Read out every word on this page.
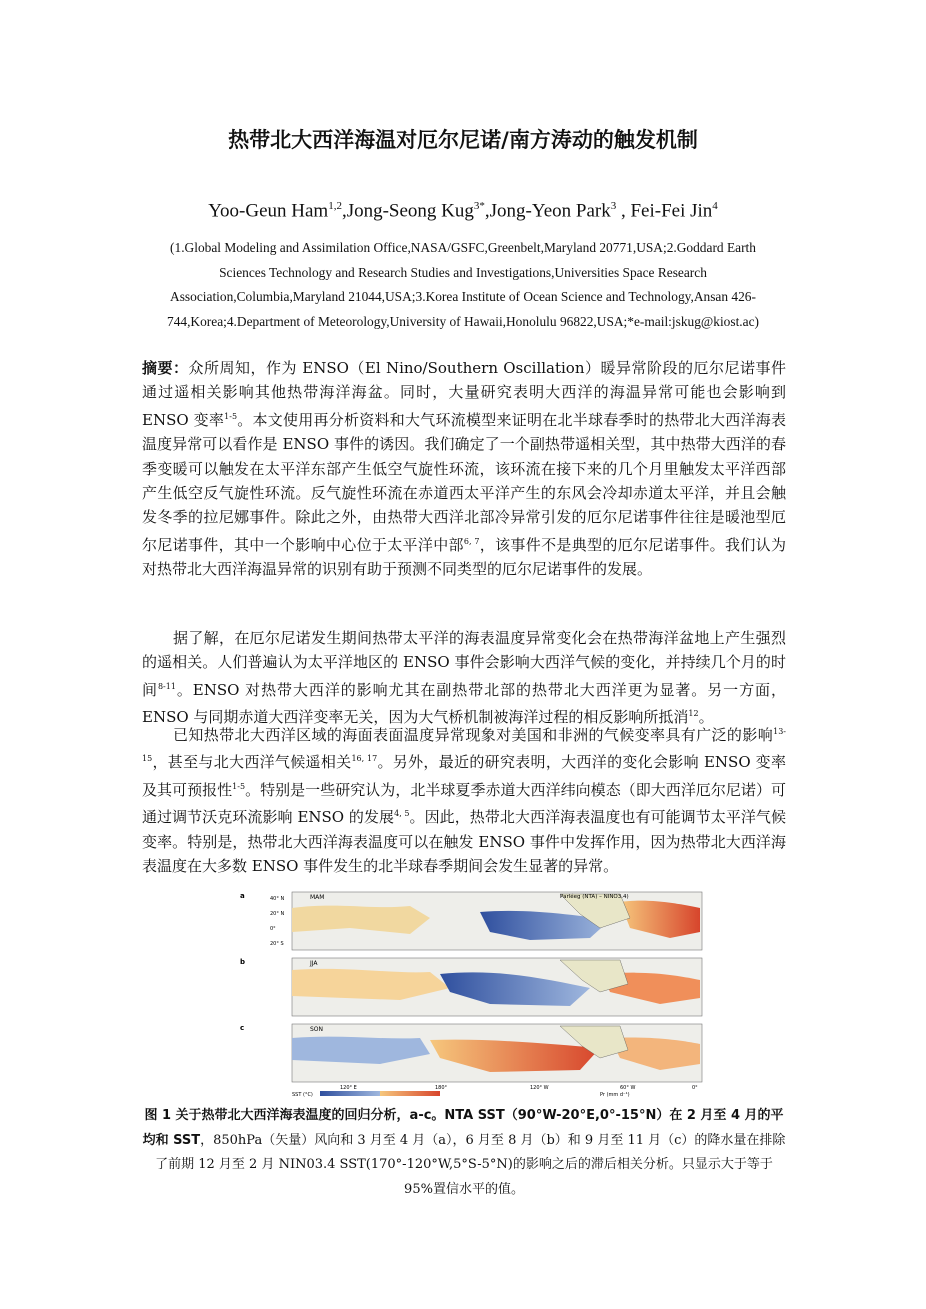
热带北大西洋海温对厄尔尼诺/南方涛动的触发机制
Yoo-Geun Ham$^{1,2}$,Jong-Seong Kug$^{3*}$,Jong-Yeon Park$^3$ , Fei-Fei Jin$^4$
(1.Global Modeling and Assimilation Office,NASA/GSFC,Greenbelt,Maryland 20771,USA;2.Goddard Earth Sciences Technology and Research Studies and Investigations,Universities Space Research Association,Columbia,Maryland 21044,USA;3.Korea Institute of Ocean Science and Technology,Ansan 426-744,Korea;4.Department of Meteorology,University of Hawaii,Honolulu 96822,USA;*e-mail:jskug@kiost.ac)
摘要：众所周知，作为 ENSO（El Nino/Southern Oscillation）暖异常阶段的厄尔尼诺事件通过遥相关影响其他热带海洋海盆。同时，大量研究表明大西洋的海温异常可能也会影响到 ENSO 变率$^{1-5}$。本文使用再分析资料和大气环流模型来证明在北半球春季时的热带北大西洋海表温度异常可以看作是 ENSO 事件的诱因。我们确定了一个副热带遥相关型，其中热带大西洋的春季变暖可以触发在太平洋东部产生低空气旋性环流，该环流在接下来的几个月里触发太平洋西部产生低空反气旋性环流。反气旋性环流在赤道西太平洋产生的东风会冷却赤道太平洋，并且会触发冬季的拉尼娜事件。除此之外，由热带大西洋北部冷异常引发的厄尔尼诺事件往往是暖池型厄尔尼诺事件，其中一个影响中心位于太平洋中部$^{6, 7}$，该事件不是典型的厄尔尼诺事件。我们认为对热带北大西洋海温异常的识别有助于预测不同类型的厄尔尼诺事件的发展。

据了解，在厄尔尼诺发生期间热带太平洋的海表温度异常变化会在热带海洋盆地上产生强烈的遥相关。人们普遍认为太平洋地区的 ENSO 事件会影响大西洋气候的变化，并持续几个月的时间$^{8-11}$。ENSO 对热带大西洋的影响尤其在副热带北部的热带北大西洋更为显著。另一方面，ENSO 与同期赤道大西洋变率无关，因为大气桥机制被海洋过程的相反影响所抵消$^{12}$。

已知热带北大西洋区域的海面表面温度异常现象对美国和非洲的气候变率具有广泛的影响$^{13-15}$，甚至与北大西洋气候遥相关$^{16, 17}$。另外，最近的研究表明，大西洋的变化会影响 ENSO 变率及其可预报性$^{1-5}$。特别是一些研究认为，北半球夏季赤道大西洋纬向模态（即大西洋厄尔尼诺）可通过调节沃克环流影响 ENSO 的发展$^{4, 5}$。因此，热带北大西洋海表温度也有可能调节太平洋气候变率。特别是，热带北大西洋海表温度可以在触发 ENSO 事件中发挥作用，因为热带北大西洋海表温度在大多数 ENSO 事件发生的北半球春季期间会发生显著的异常。

a	MAM	Parléeg (NTA) – NINO3.4)
b	JJA
c	SON
40° N
20° N
0°
20° S
120° E	180°	120° W	60° W	0°
SST (°C)	Pr (mm d⁻¹)
图 1 关于热带北大西洋海表温度的回归分析，a-c。NTA SST（90°W-20°E,0°-15°N）在 2 月至 4 月的平均和 SST，850hPa（矢量）风向和 3 月至 4 月（a），6 月至 8 月（b）和 9 月至 11 月（c）的降水量在排除了前期 12 月至 2 月 NIN03.4 SST(170°-120°W,5°S-5°N)的影响之后的滞后相关分析。只显示大于等于 95%置信水平的值。
